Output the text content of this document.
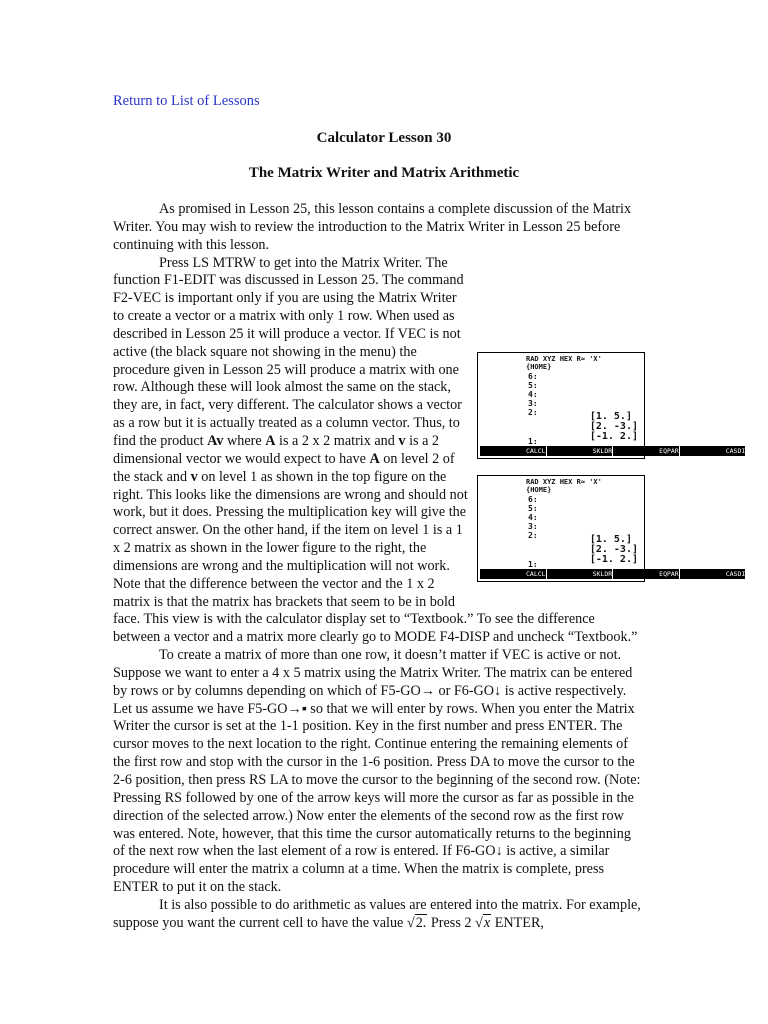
Return to List of Lessons
Calculator Lesson 30
The Matrix Writer and Matrix Arithmetic

As promised in Lesson 25, this lesson contains a complete discussion of the Matrix Writer. You may wish to review the introduction to the Matrix Writer in Lesson 25 before continuing with this lesson.

RAD XYZ HEX R≈ 'X'
{HOME}
6:
5:
4:
3:
2:
1:
[1. 5.]
[2. -3.]
[-1. 2.]
CALCL	SKLDR	EQPAR	CASDI
RAD XYZ HEX R≈ 'X'
{HOME}
6:
5:
4:
3:
2:
1:
[1. 5.]
[2. -3.]
[-1. 2.]
CALCL	SKLDR	EQPAR	CASDI
Press LS MTRW to get into the Matrix Writer. The function F1-EDIT was discussed in Lesson 25. The command F2-VEC is important only if you are using the Matrix Writer to create a vector or a matrix with only 1 row. When used as described in Lesson 25 it will produce a vector. If VEC is not active (the black square not showing in the menu) the procedure given in Lesson 25 will produce a matrix with one row. Although these will look almost the same on the stack, they are, in fact, very different. The calculator shows a vector as a row but it is actually treated as a column vector. Thus, to find the product Av where A is a 2 x 2 matrix and v is a 2 dimensional vector we would expect to have A on level 2 of the stack and v on level 1 as shown in the top figure on the right. This looks like the dimensions are wrong and should not work, but it does. Pressing the multiplication key will give the correct answer. On the other hand, if the item on level 1 is a 1 x 2 matrix as shown in the lower figure to the right, the dimensions are wrong and the multiplication will not work. Note that the difference between the vector and the 1 x 2 matrix is that the matrix has brackets that seem to be in bold face. This view is with the calculator display set to “Textbook.” To see the difference between a vector and a matrix more clearly go to MODE F4-DISP and uncheck “Textbook.”

To create a matrix of more than one row, it doesn’t matter if VEC is active or not. Suppose we want to enter a 4 x 5 matrix using the Matrix Writer. The matrix can be entered by rows or by columns depending on which of F5-GO→ or F6-GO↓ is active respectively. Let us assume we have F5-GO→▪ so that we will enter by rows. When you enter the Matrix Writer the cursor is set at the 1-1 position. Key in the first number and press ENTER. The cursor moves to the next location to the right. Continue entering the remaining elements of the first row and stop with the cursor in the 1-6 position. Press DA to move the cursor to the 2-6 position, then press RS LA to move the cursor to the beginning of the second row. (Note: Pressing RS followed by one of the arrow keys will more the cursor as far as possible in the direction of the selected arrow.) Now enter the elements of the second row as the first row was entered. Note, however, that this time the cursor automatically returns to the beginning of the next row when the last element of a row is entered. If F6-GO↓ is active, a similar procedure will enter the matrix a column at a time. When the matrix is complete, press ENTER to put it on the stack.

It is also possible to do arithmetic as values are entered into the matrix. For example, suppose you want the current cell to have the value √2. Press 2 √x ENTER,
